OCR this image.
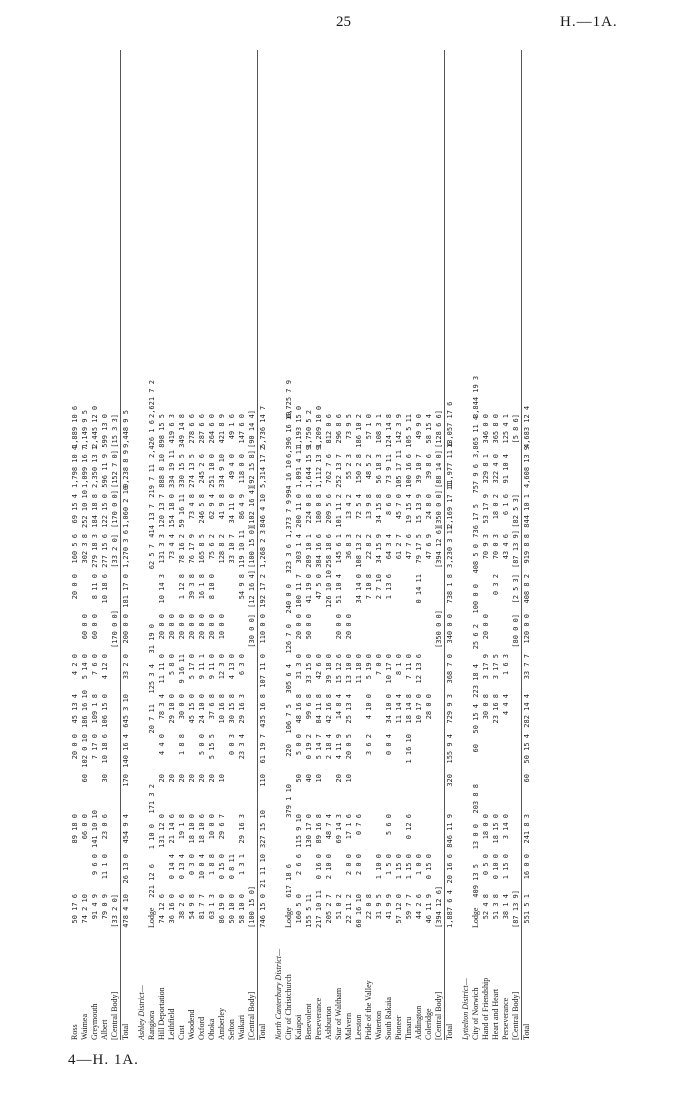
25	H.—1A.
Ross
50 17 6
89 18 0
20 0 0
45 13 4
4 2 0
20 0 0
160 5 6
69 15 4
1,798 10 4
1,889 10 6
Waimea
74 2 10
66 0 0
60
102 0 10
186 16 10
5 14 0
60 0 0
302 3 8
252 10 10
1,099 16 7
1,149 9 5
Greymouth
91 4 9
9 6 0
141 10 10
7 17 0
109 1 8
7 6 0
60 0 0
8 11 0
279 18 3
184 18 8
2,350 13 1
2,445 12 0
Albert
79 0 9
11 1 0
23 0 6
30
10 18 6
106 15 0
4 12 0
10 18 6
277 15 6
122 15 0
596 11 9
599 13 0
[Central Body]
[33 2 0]
[170 0 0]
[33 2 0]
[170 0 0]
[152 7 0]
[15 3 3]
Total
478 4 10
26 13 0
454 9 4
170
140 16 4
645 3 10
33 2 0
200 0 0
181 17 0
1,270 3 6
1,060 2 10
9,238 8 9
9,448 9 5
Ashley District— Rangiora
Lodge
221 12 6
1 10 0
171 3 2
20 7 11
125 3 4
31 19 0
62 5 7
414 13 7
219 7 11
2,426 1 6
2,621 7 2
Hill Deportation
74 12 6
131 12 0
20
4 4 0
78 3 4
11 11 0
20 0 0
10 14 3
131 3 3
120 13 7
888 8 10
898 15 5
Leithfield
36 16 0
0 14 4
21 14 6
20
29 10 0
5 8 0
20 0 0
73 4 4
154 18 0
334 19 11
419 6 3
Cust
38 2 6
0 13 4
19 1 8
20
1 8 8
30 0 0
9 16 11
20 0 0
1 12 8
78 16 2
59 16 11
330 15 5
349 14 8
Woodend
54 9 8
0 3 0
18 10 0
20
45 15 0
5 17 0
20 0 0
39 3 8
76 17 9
73 4 8
274 13 5
278 6 6
Oxford
81 7 7
10 0 4
18 10 6
20
5 0 0
24 10 0
9 11 1
20 0 0
16 1 8
165 8 5
246 5 8
245 2 6
287 6 6
Ohoka
63 1 3
1 8 8
10 0 0
20
5 15 5
37 6 8
9 11 0
20 0 0
8 10 0
75 6 2
62 9 4
251 10 0
264 6 0
Amberley
86 19 0
0 15 0
29 6 7
10
10 16 8
12 3 0
10 0 0
128 8 2
41 9 8
334 9 10
421 8 9
Sefton
50 10 0
0 8 11
0 0 3
30 15 8
4 13 0
33 10 7
34 11 0
49 4 0
49 1 6
Waikari
58 10 0
1 3 1
29 16 3
23 3 4
29 16 3
6 3 0
54 9 8
119 10 11
86 4 9
118 0 0
147 6 0
[Central Body]
[100 15 0]
[30 0 0]
[12 16 4]
[100 15 0]
[102 16 4]
[92 15 8]
[90 14 4]
Total
746 15 0
21 11 10
327 15 10
110
61 19 7
435 16 8
107 11 0
110 0 0
192 17 2
1,268 2 3
846 4 10
5,314 17 2
5,736 14 7
North Canterbury District— City of Christchurch
Lodge
617 18 6
379 1 10
220
106 7 5
305 6 4
126 7 0
240 0 0
323 3 6
1,373 7 9
994 16 10
6,396 16 10
6,725 7 9
Kaiapoi
160 5 0
2 6 6
115 9 10
50
5 0 0
48 16 8
31 3 0
20 0 0
100 11 7
303 1 4
200 11 0
1,091 4 11
1,193 15 0
Benevolent
155 5 11
130 17 0
40
0 19 2
99 6 8
33 15 0
50 0 0
41 19 0
289 10 1
224 0 8
1,644 15 9
1,750 5 2
Perseverance
217 10 11
0 16 0
89 16 8
10
5 14 7
84 11 8
42 6 0
47 5 0
384 16 6
180 0 8
1,112 13 9
1,209 10 0
Ashburton
205 2 7
2 10 0
48 7 4
2 18 4
42 16 8
39 18 0
126 10 10
258 18 6
209 5 6
762 7 6
812 0 6
Star of Waltham
51 0 2
69 14 3
20
4 11 9
14 8 4
15 12 6
20 0 0
51 10 4
145 6 1
101 11 2
252 13 7
296 8 6
Malvern
22 11 2
2 0 0
17 1 6
10
20 0 5
25 13 4
13 10 0
20 0 0
36 8 3
13 4 2
55 2 3
73 9 5
Leeston
60 16 10
2 0 0
0 7 6
11 18 0
34 14 0
108 13 2
72 5 4
150 2 8
186 10 2
Pride of the Valley
22 0 8
3 6 2
4 10 0
5 19 0
7 10 8
22 8 2
13 9 8
48 5 2
57 1 0
Waterton
31 9 5
1 10 0
7 0 0
2 7 10
34 15 9
34 15 8
56 18 3
108 3 1
South Rakaia
41 9 9
1 5 0
5 6 0
0 0 4
34 10 0
10 17 0
1 13 6
64 3 4
8 6 0
73 9 11
124 14 8
Pioneer
57 12 0
1 15 0
11 14 4
8 1 0
61 2 7
45 7 0
105 17 11
142 3 9
Timaru
59 7 7
1 15 0
0 12 6
1 16 10
18 14 8
7 11 0
47 7 6
19 15 4
100 16 6
105 5 11
Addington
44 2 6
1 0 0
10 17 0
12 13 6
0 14 11
79 17 5
15 13 9
39 10 7
49 9 0
Coleridge
46 11 9
0 15 0
28 0 0
47 6 9
24 8 0
39 8 6
58 15 4
[Central Body]
[394 12 6]
[350 0 0]
[394 12 6]
[350 0 0]
[88 14 0]
[128 6 6]
Total
1,887 6 4
20 16 6
846 11 9
320
155 9 4
729 9 3
368 7 0
340 0 0
738 1 8
3,230 3 11
2,169 17 11
11,977 11 6
13,057 17 6
Lyttelton District— City of Norwich
Lodge
409 13 5
13 0 0
203 8 8
60
50 15 4
223 18 4
25 6 2
100 0 0
408 5 0
736 17 5
757 9 6
3,865 11 4
3,844 19 3
Hand of Friendship
52 4 8
0 5 0
18 0 0
30 0 8
3 17 9
20 0 0
70 9 3
53 17 9
329 8 1
346 0 0
Heart and Heart
51 3 8
0 10 0
18 15 0
23 16 8
3 17 5
0 3 2
70 0 3
18 0 2
322 4 0
365 8 0
Perseverance
38 1 4
1 15 0
3 14 0
4 4 4
1 6 3
43 4 6
6 1 6
91 10 4
125 4 1
[Central Body]
[87 13 9]
[80 0 0]
[2 5 3]
[87 13 9]
[82 5 3]
[5 8 6]
Total
551 5 1
16 0 0
241 8 3
60
50 15 4
282 14 4
33 7 7
120 0 0
408 8 2
919 8 8
844 10 1
4,608 13 9
4,683 12 4
4—H. 1A.
